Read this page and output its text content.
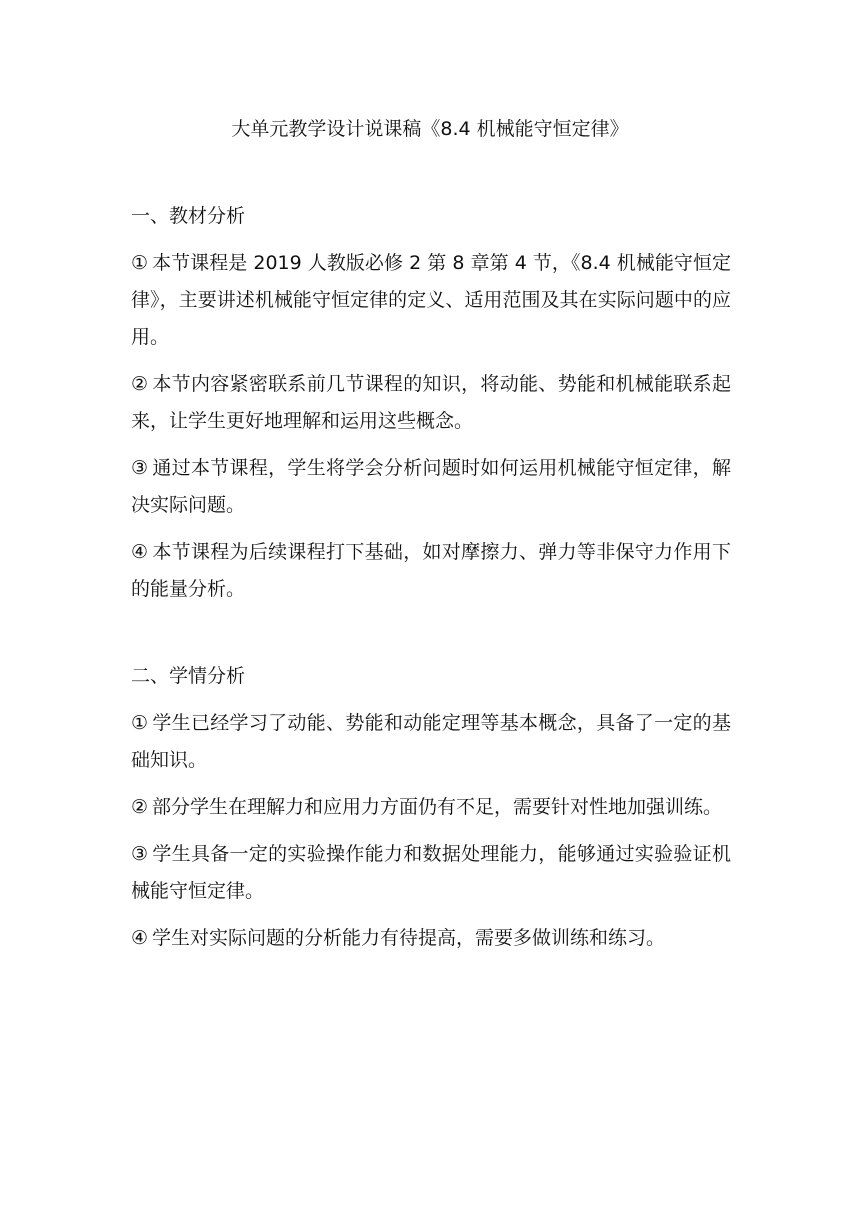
大单元教学设计说课稿《8.4 机械能守恒定律》
一、教材分析
① 本节课程是 2019 人教版必修 2 第 8 章第 4 节，《8.4 机械能守恒定律》，主要讲述机械能守恒定律的定义、适用范围及其在实际问题中的应用。
② 本节内容紧密联系前几节课程的知识，将动能、势能和机械能联系起来，让学生更好地理解和运用这些概念。
③ 通过本节课程，学生将学会分析问题时如何运用机械能守恒定律，解决实际问题。
④ 本节课程为后续课程打下基础，如对摩擦力、弹力等非保守力作用下的能量分析。
二、学情分析
① 学生已经学习了动能、势能和动能定理等基本概念，具备了一定的基础知识。
② 部分学生在理解力和应用力方面仍有不足，需要针对性地加强训练。
③ 学生具备一定的实验操作能力和数据处理能力，能够通过实验验证机械能守恒定律。
④ 学生对实际问题的分析能力有待提高，需要多做训练和练习。
